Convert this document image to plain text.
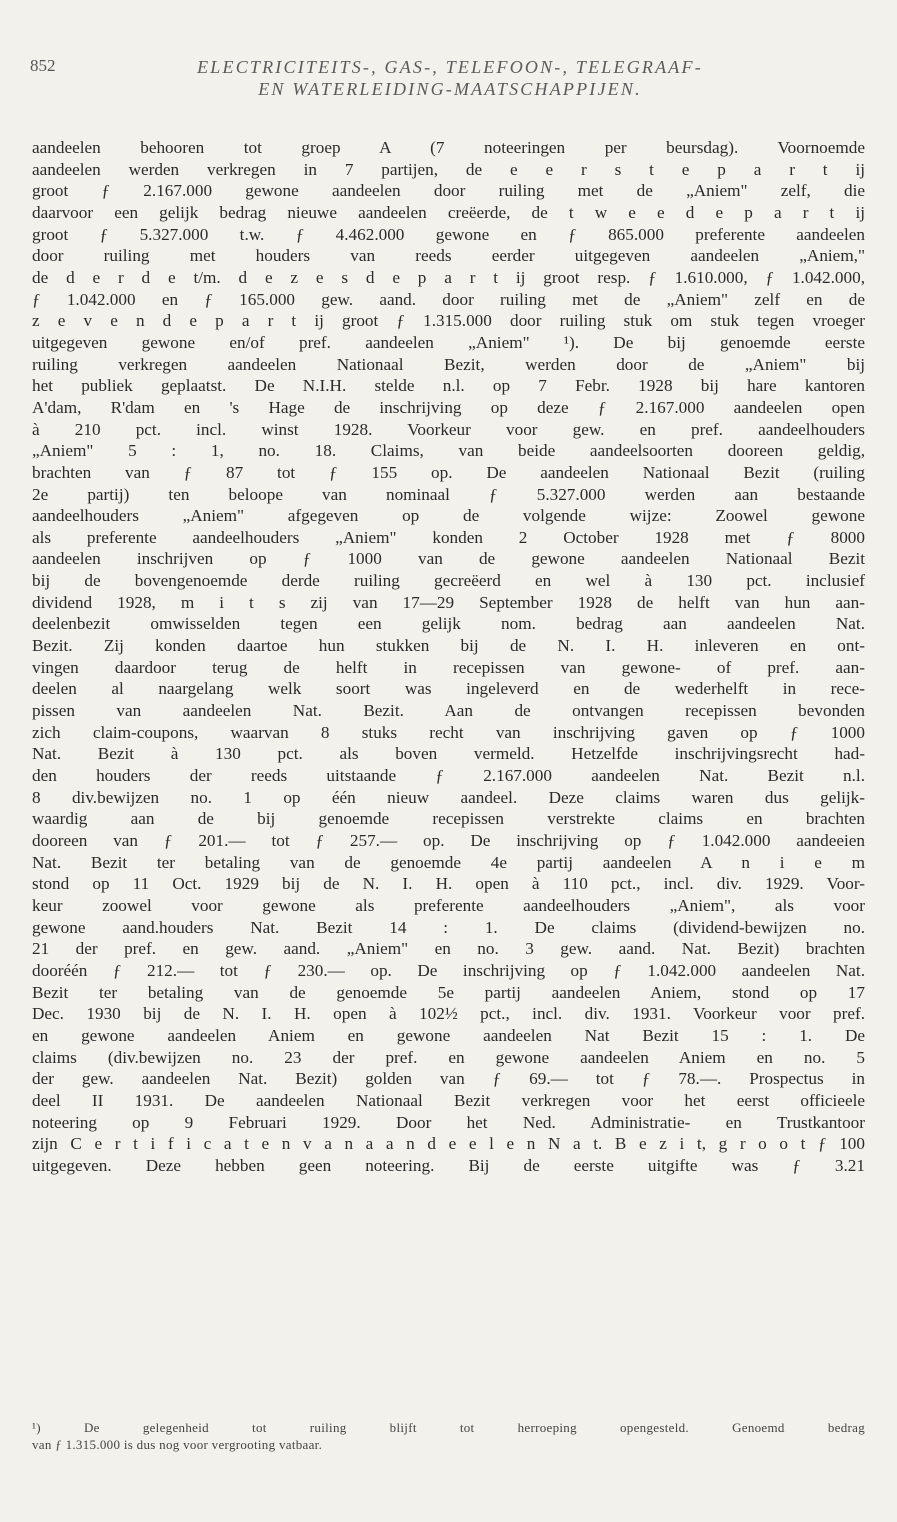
852	ELECTRICITEITS-, GAS-, TELEFOON-, TELEGRAAF-
EN WATERLEIDING-MAATSCHAPPIJEN.
aandeelen behooren tot groep A (7 noteeringen per beursdag). Voornoemde
aandeelen werden verkregen in 7 partijen, de e e r s t e p a r t ij
groot ƒ 2.167.000 gewone aandeelen door ruiling met de „Aniem" zelf, die
daarvoor een gelijk bedrag nieuwe aandeelen creëerde, de t w e e d e p a r t ij
groot ƒ 5.327.000 t.w. ƒ 4.462.000 gewone en ƒ 865.000 preferente aandeelen
door ruiling met houders van reeds eerder uitgegeven aandeelen „Aniem,"
de d e r d e t/m. d e z e s d e p a r t ij groot resp. ƒ 1.610.000, ƒ 1.042.000,
ƒ 1.042.000 en ƒ 165.000 gew. aand. door ruiling met de „Aniem" zelf en de
z e v e n d e p a r t ij groot ƒ 1.315.000 door ruiling stuk om stuk tegen vroeger
uitgegeven gewone en/of pref. aandeelen „Aniem" ¹). De bij genoemde eerste
ruiling verkregen aandeelen Nationaal Bezit, werden door de „Aniem" bij
het publiek geplaatst. De N.I.H. stelde n.l. op 7 Febr. 1928 bij hare kantoren
A'dam, R'dam en 's Hage de inschrijving op deze ƒ 2.167.000 aandeelen open
à 210 pct. incl. winst 1928. Voorkeur voor gew. en pref. aandeelhouders
„Aniem" 5 : 1, no. 18. Claims, van beide aandeelsoorten dooreen geldig,
brachten van ƒ 87 tot ƒ 155 op. De aandeelen Nationaal Bezit (ruiling
2e partij) ten beloope van nominaal ƒ 5.327.000 werden aan bestaande
aandeelhouders „Aniem" afgegeven op de volgende wijze: Zoowel gewone
als preferente aandeelhouders „Aniem" konden 2 October 1928 met ƒ 8000
aandeelen inschrijven op ƒ 1000 van de gewone aandeelen Nationaal Bezit
bij de bovengenoemde derde ruiling gecreëerd en wel à 130 pct. inclusief
dividend 1928, m i t s zij van 17—29 September 1928 de helft van hun aan-
deelenbezit omwisselden tegen een gelijk nom. bedrag aan aandeelen Nat.
Bezit. Zij konden daartoe hun stukken bij de N. I. H. inleveren en ont-
vingen daardoor terug de helft in recepissen van gewone- of pref. aan-
deelen al naargelang welk soort was ingeleverd en de wederhelft in rece-
pissen van aandeelen Nat. Bezit. Aan de ontvangen recepissen bevonden
zich claim-coupons, waarvan 8 stuks recht van inschrijving gaven op ƒ 1000
Nat. Bezit à 130 pct. als boven vermeld. Hetzelfde inschrijvingsrecht had-
den houders der reeds uitstaande ƒ 2.167.000 aandeelen Nat. Bezit n.l.
8 div.bewijzen no. 1 op één nieuw aandeel. Deze claims waren dus gelijk-
waardig aan de bij genoemde recepissen verstrekte claims en brachten
dooreen van ƒ 201.— tot ƒ 257.— op. De inschrijving op ƒ 1.042.000 aandeeien
Nat. Bezit ter betaling van de genoemde 4e partij aandeelen A n i e m
stond op 11 Oct. 1929 bij de N. I. H. open à 110 pct., incl. div. 1929. Voor-
keur zoowel voor gewone als preferente aandeelhouders „Aniem", als voor
gewone aand.houders Nat. Bezit 14 : 1. De claims (dividend-bewijzen no.
21 der pref. en gew. aand. „Aniem" en no. 3 gew. aand. Nat. Bezit) brachten
dooréén ƒ 212.— tot ƒ 230.— op. De inschrijving op ƒ 1.042.000 aandeelen Nat.
Bezit ter betaling van de genoemde 5e partij aandeelen Aniem, stond op 17
Dec. 1930 bij de N. I. H. open à 102½ pct., incl. div. 1931. Voorkeur voor pref.
en gewone aandeelen Aniem en gewone aandeelen Nat Bezit 15 : 1. De
claims (div.bewijzen no. 23 der pref. en gewone aandeelen Aniem en no. 5
der gew. aandeelen Nat. Bezit) golden van ƒ 69.— tot ƒ 78.—. Prospectus in
deel II 1931. De aandeelen Nationaal Bezit verkregen voor het eerst officieele
noteering op 9 Februari 1929. Door het Ned. Administratie- en Trustkantoor
zijn C e r t i f i c a t e n v a n a a n d e e l e n N a t. B e z i t, g r o o t ƒ 100
uitgegeven. Deze hebben geen noteering. Bij de eerste uitgifte was ƒ 3.21
¹) De gelegenheid tot ruiling blijft tot herroeping opengesteld. Genoemd bedrag
van ƒ 1.315.000 is dus nog voor vergrooting vatbaar.
